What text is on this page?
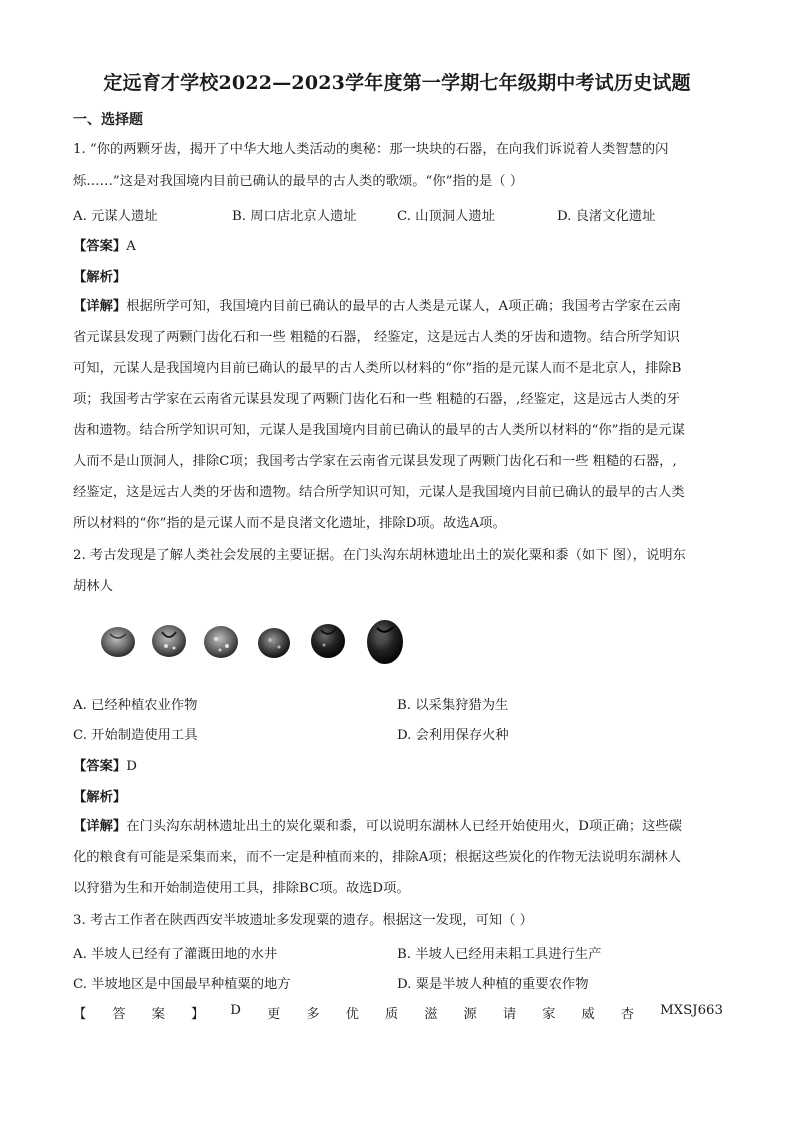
定远育才学校2022—2023学年度第一学期七年级期中考试历史试题
一、选择题
1. “你的两颗牙齿，揭开了中华大地人类活动的奥秘：那一块块的石器，在向我们诉说着人类智慧的闪
烁……”这是对我国境内目前已确认的最早的古人类的歌颂。“你”指的是（ ）
A. 元谋人遗址	B. 周口店北京人遗址	C. 山顶洞人遗址	D. 良渚文化遗址
【答案】A
【解析】
【详解】根据所学可知，我国境内目前已确认的最早的古人类是元谋人，A项正确；我国考古学家在云南
省元谋县发现了两颗门齿化石和一些 粗糙的石器， 经鉴定，这是远古人类的牙齿和遗物。结合所学知识
可知，元谋人是我国境内目前已确认的最早的古人类所以材料的“你”指的是元谋人而不是北京人，排除B
项；我国考古学家在云南省元谋县发现了两颗门齿化石和一些 粗糙的石器，,经鉴定，这是远古人类的牙
齿和遗物。结合所学知识可知，元谋人是我国境内目前已确认的最早的古人类所以材料的“你”指的是元谋
人而不是山顶洞人，排除C项；我国考古学家在云南省元谋县发现了两颗门齿化石和一些 粗糙的石器，,
经鉴定，这是远古人类的牙齿和遗物。结合所学知识可知，元谋人是我国境内目前已确认的最早的古人类
所以材料的“你”指的是元谋人而不是良渚文化遗址，排除D项。故选A项。
2. 考古发现是了解人类社会发展的主要证据。在门头沟东胡林遗址出土的炭化粟和黍（如下 图），说明东
胡林人
A. 已经种植农业作物	B. 以采集狩猎为生
C. 开始制造使用工具	D. 会利用保存火种
【答案】D
【解析】
【详解】在门头沟东胡林遗址出土的炭化粟和黍，可以说明东湖林人已经开始使用火，D项正确；这些碳
化的粮食有可能是采集而来，而不一定是种植而来的，排除A项；根据这些炭化的作物无法说明东湖林人
以狩猎为生和开始制造使用工具，排除BC项。故选D项。
3. 考古工作者在陕西西安半坡遗址多发现粟的遗存。根据这一发现，可知（ ）
A. 半坡人已经有了灌溉田地的水井	B. 半坡人已经用耒耜工具进行生产
C. 半坡地区是中国最早种植粟的地方	D. 粟是半坡人种植的重要农作物
【 答 案 】 D 更 多 优 质 滋 源 请 家 威 杏 MXSJ663
